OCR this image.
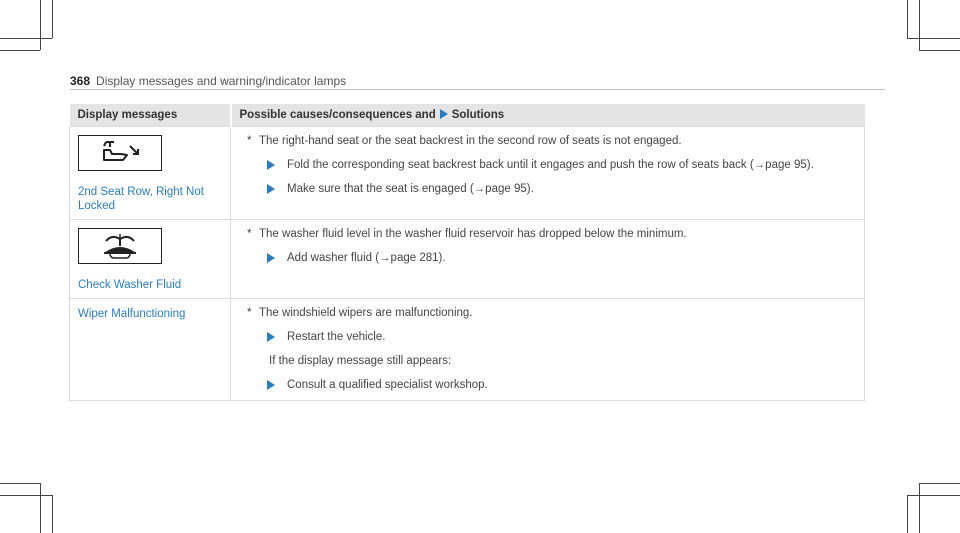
368 Display messages and warning/indicator lamps
Display messages	Possible causes/consequences and Solutions

2nd Seat Row, Right Not Locked	* The right-hand seat or the seat backrest in the second row of seats is not engaged.
Fold the corresponding seat backrest back until it engages and push the row of seats back (→page 95).
Make sure that the seat is engaged (→page 95).

Check Washer Fluid	* The washer fluid level in the washer fluid reservoir has dropped below the minimum.
Add washer fluid (→page 281).

Wiper Malfunctioning	* The windshield wipers are malfunctioning.
Restart the vehicle.
If the display message still appears:
Consult a qualified specialist workshop.
